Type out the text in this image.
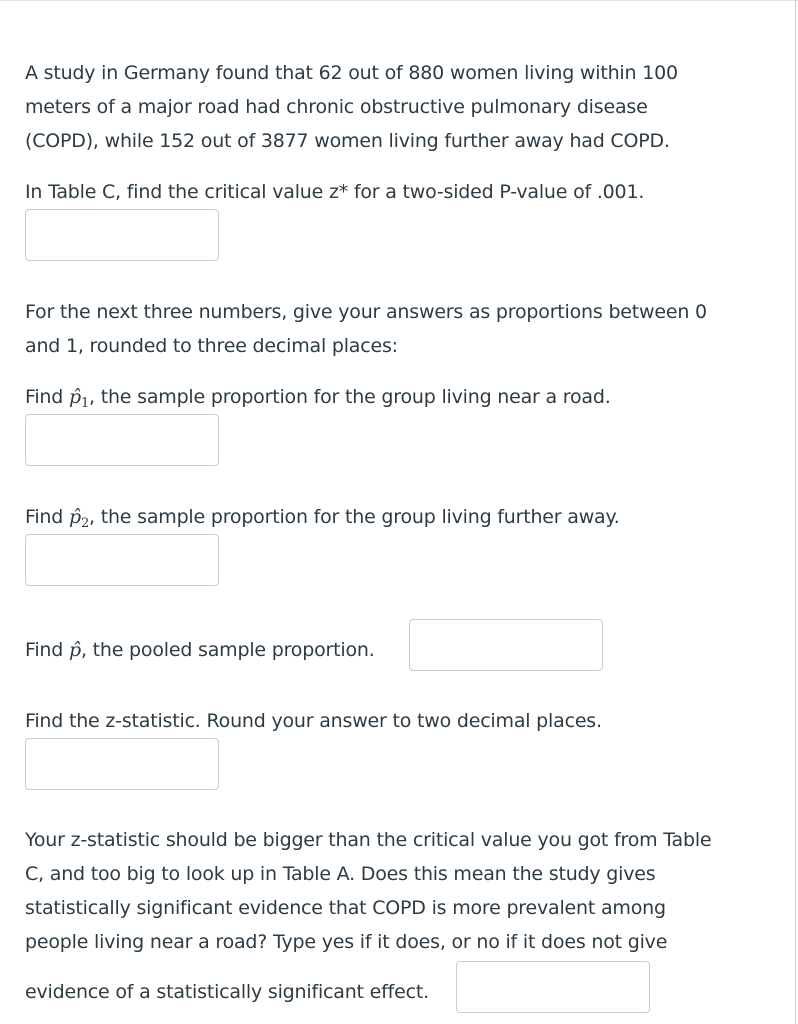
A study in Germany found that 62 out of 880 women living within 100
meters of a major road had chronic obstructive pulmonary disease
(COPD), while 152 out of 3877 women living further away had COPD.
In Table C, find the critical value z* for a two-sided P-value of .001.
For the next three numbers, give your answers as proportions between 0
and 1, rounded to three decimal places:
Find $p̂_1$, the sample proportion for the group living near a road.
Find $p̂_2$, the sample proportion for the group living further away.
Find p̂, the pooled sample proportion.
Find the z-statistic. Round your answer to two decimal places.
Your z-statistic should be bigger than the critical value you got from Table
C, and too big to look up in Table A. Does this mean the study gives
statistically significant evidence that COPD is more prevalent among
people living near a road? Type yes if it does, or no if it does not give
evidence of a statistically significant effect.
